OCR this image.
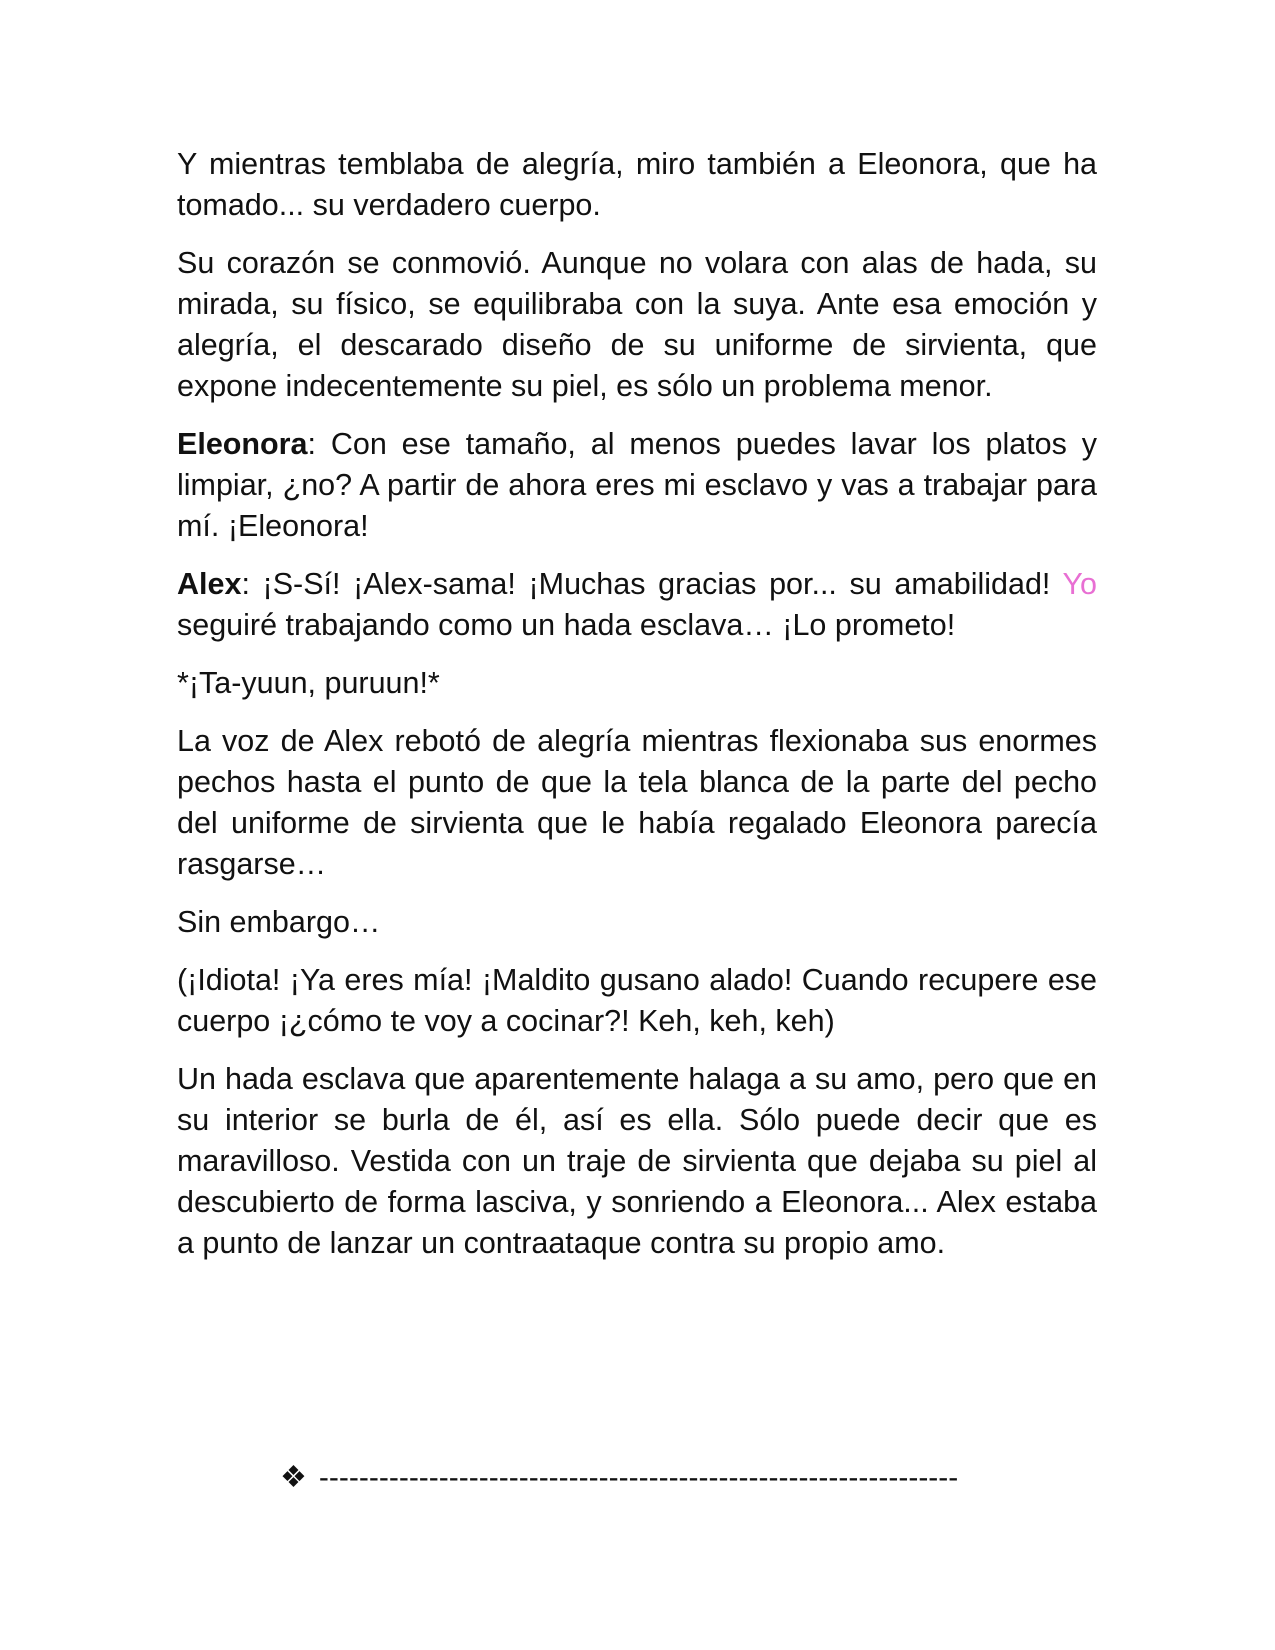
Y mientras temblaba de alegría, miro también a Eleonora, que ha tomado... su verdadero cuerpo.

Su corazón se conmovió. Aunque no volara con alas de hada, su mirada, su físico, se equilibraba con la suya. Ante esa emoción y alegría, el descarado diseño de su uniforme de sirvienta, que expone indecentemente su piel, es sólo un problema menor.

Eleonora: Con ese tamaño, al menos puedes lavar los platos y limpiar, ¿no? A partir de ahora eres mi esclavo y vas a trabajar para mí. ¡Eleonora!

Alex: ¡S-Sí! ¡Alex-sama! ¡Muchas gracias por... su amabilidad! Yo seguiré trabajando como un hada esclava… ¡Lo prometo!

*¡Ta-yuun, puruun!*

La voz de Alex rebotó de alegría mientras flexionaba sus enormes pechos hasta el punto de que la tela blanca de la parte del pecho del uniforme de sirvienta que le había regalado Eleonora parecía rasgarse…

Sin embargo…

(¡Idiota! ¡Ya eres mía! ¡Maldito gusano alado! Cuando recupere ese cuerpo ¡¿cómo te voy a cocinar?! Keh, keh, keh)

Un hada esclava que aparentemente halaga a su amo, pero que en su interior se burla de él, así es ella. Sólo puede decir que es maravilloso. Vestida con un traje de sirvienta que dejaba su piel al descubierto de forma lasciva, y sonriendo a Eleonora... Alex estaba a punto de lanzar un contraataque contra su propio amo.

❖ ----------------------------------------------------------------
